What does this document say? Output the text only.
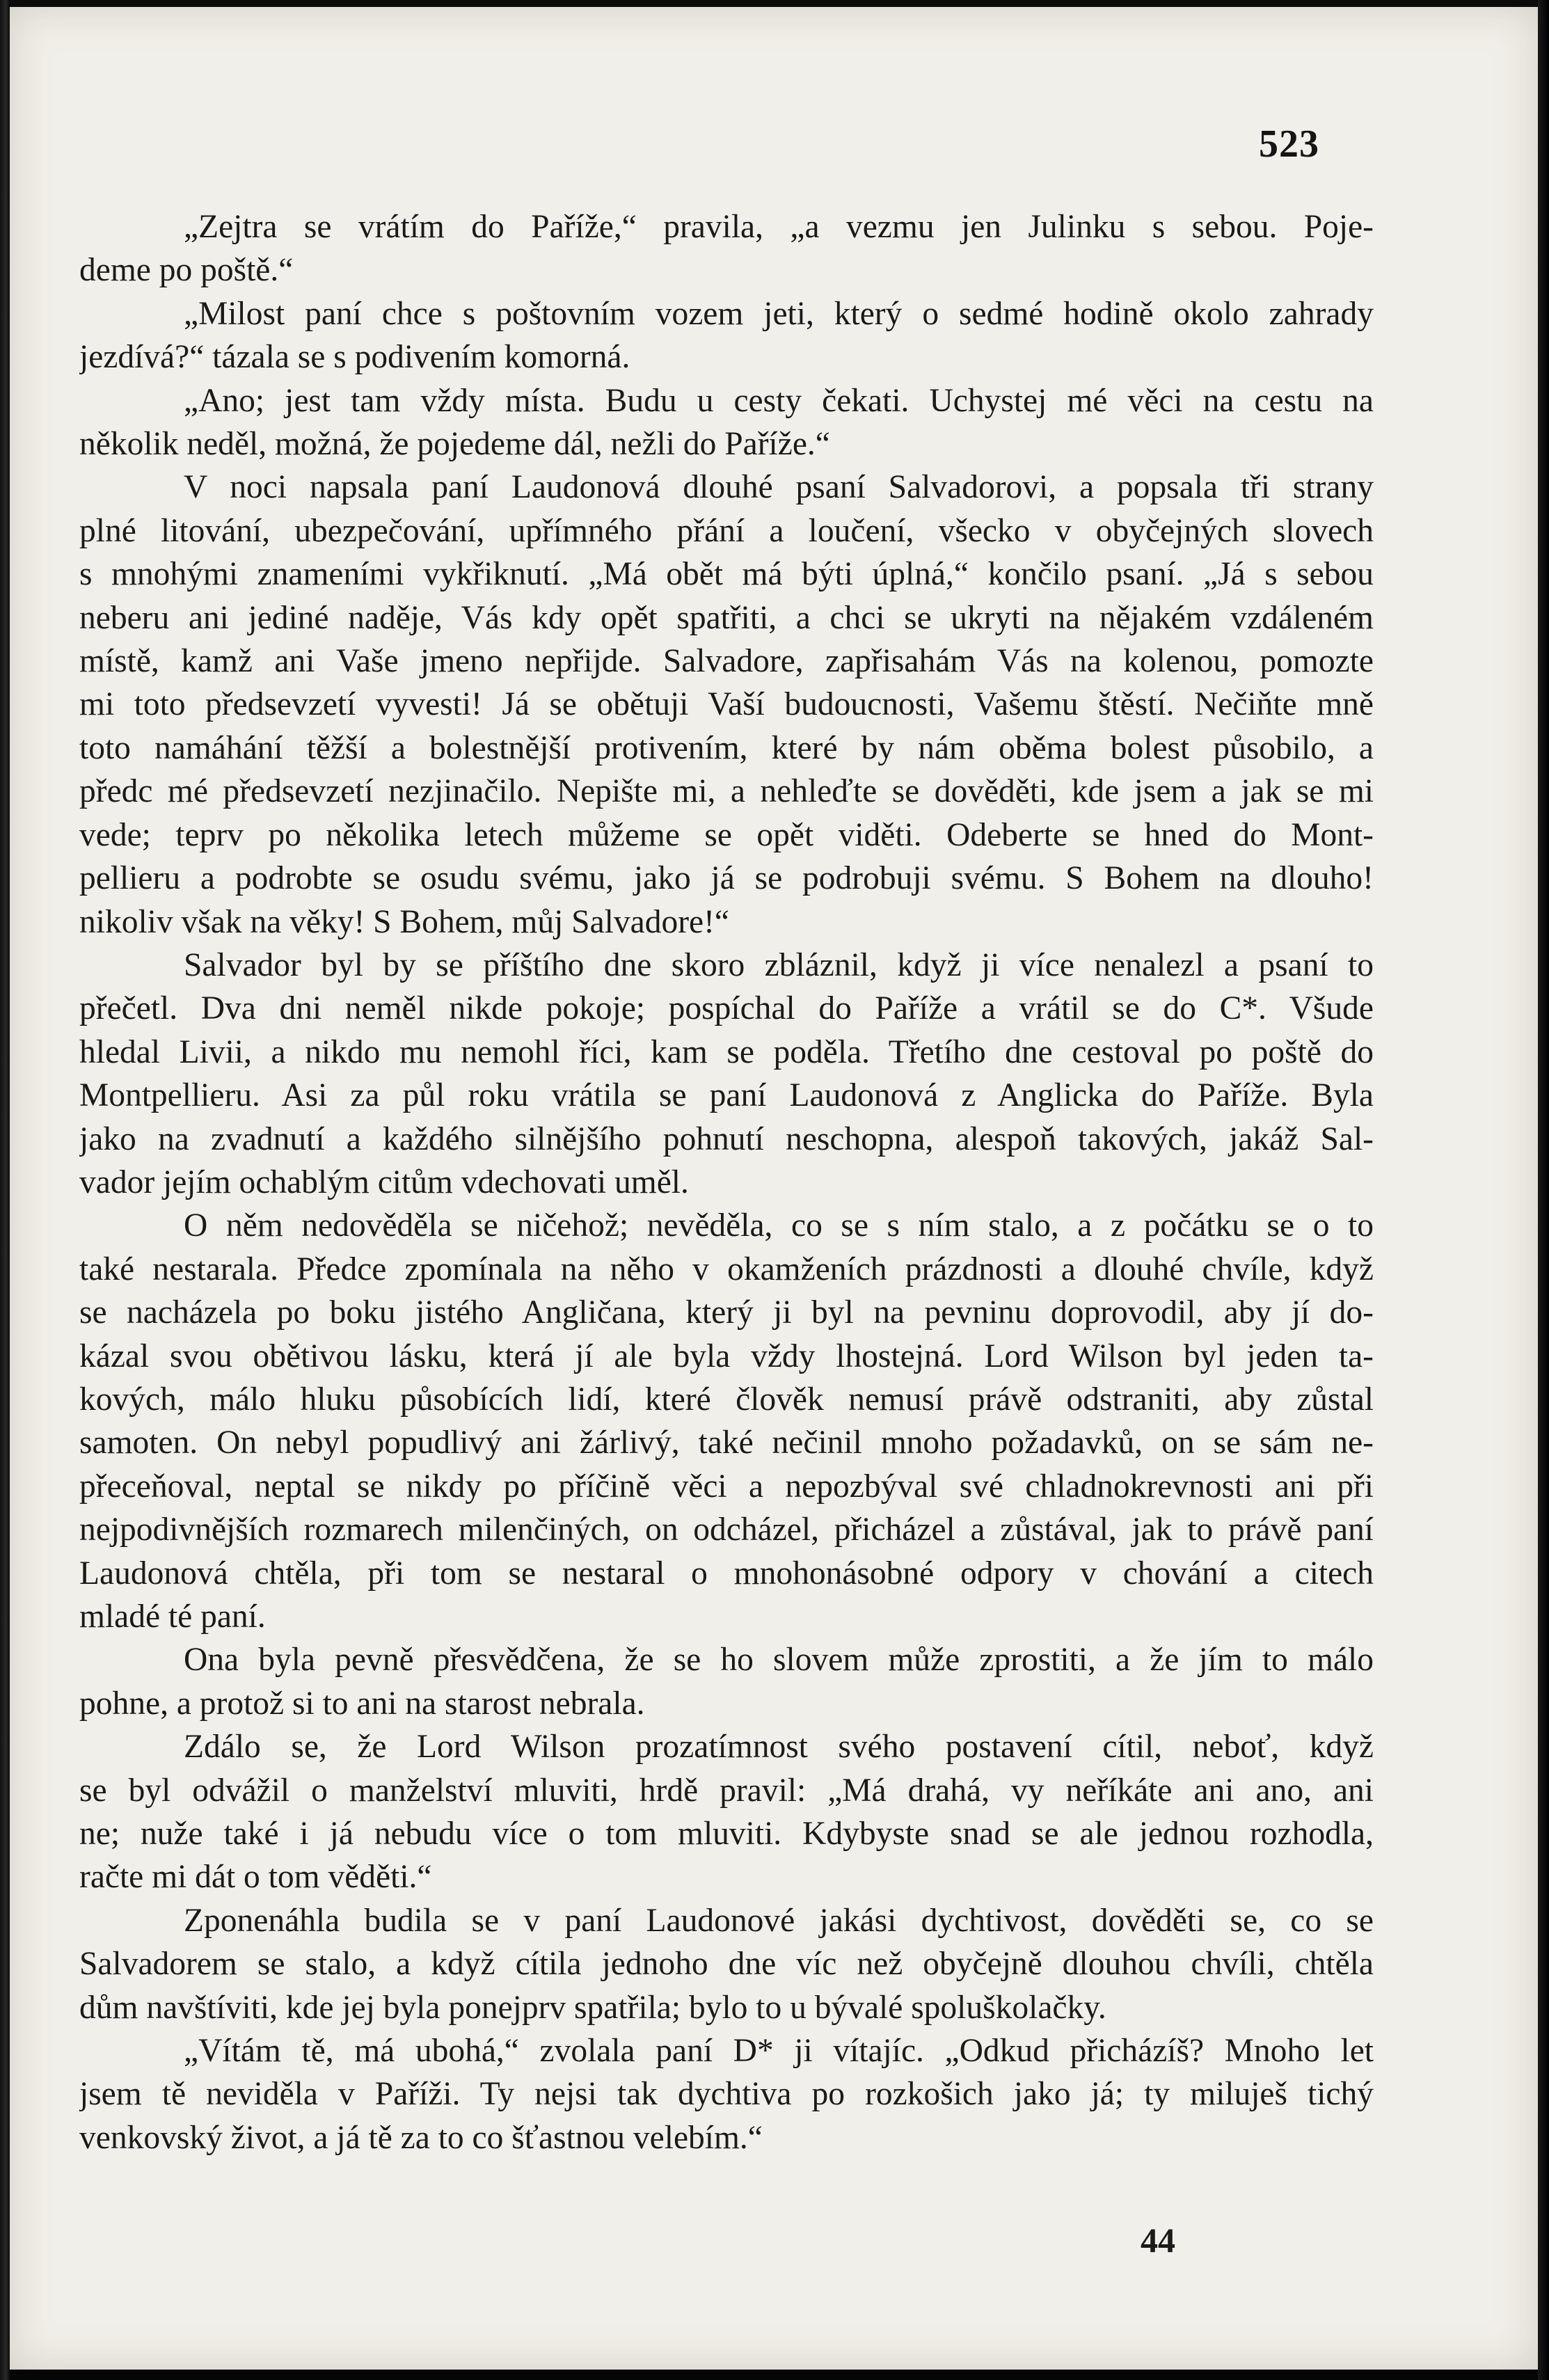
523
„Zejtra se vrátím do Paříže,“ pravila, „a vezmu jen Julinku s sebou. Poje-
deme po poště.“
„Milost paní chce s poštovním vozem jeti, který o sedmé hodině okolo zahrady
jezdívá?“ tázala se s podivením komorná.
„Ano; jest tam vždy místa. Budu u cesty čekati. Uchystej mé věci na cestu na
několik neděl, možná, že pojedeme dál, nežli do Paříže.“
V noci napsala paní Laudonová dlouhé psaní Salvadorovi, a popsala tři strany
plné litování, ubezpečování, upřímného přání a loučení, všecko v obyčejných slovech
s mnohými znameními vykřiknutí. „Má obět má býti úplná,“ končilo psaní. „Já s sebou
neberu ani jediné naděje, Vás kdy opět spatřiti, a chci se ukryti na nějakém vzdáleném
místě, kamž ani Vaše jmeno nepřijde. Salvadore, zapřisahám Vás na kolenou, pomozte
mi toto předsevzetí vyvesti! Já se obětuji Vaší budoucnosti, Vašemu štěstí. Nečiňte mně
toto namáhání těžší a bolestnější protivením, které by nám oběma bolest působilo, a
předc mé předsevzetí nezjinačilo. Nepište mi, a nehleďte se dověděti, kde jsem a jak se mi
vede; teprv po několika letech můžeme se opět viděti. Odeberte se hned do Mont-
pellieru a podrobte se osudu svému, jako já se podrobuji svému. S Bohem na dlouho!
nikoliv však na věky! S Bohem, můj Salvadore!“
Salvador byl by se příštího dne skoro zbláznil, když ji více nenalezl a psaní to
přečetl. Dva dni neměl nikde pokoje; pospíchal do Paříže a vrátil se do C*. Všude
hledal Livii, a nikdo mu nemohl říci, kam se poděla. Třetího dne cestoval po poště do
Montpellieru. Asi za půl roku vrátila se paní Laudonová z Anglicka do Paříže. Byla
jako na zvadnutí a každého silnějšího pohnutí neschopna, alespoň takových, jakáž Sal-
vador jejím ochablým citům vdechovati uměl.
O něm nedověděla se ničehož; nevěděla, co se s ním stalo, a z počátku se o to
také nestarala. Předce zpomínala na něho v okamženích prázdnosti a dlouhé chvíle, když
se nacházela po boku jistého Angličana, který ji byl na pevninu doprovodil, aby jí do-
kázal svou obětivou lásku, která jí ale byla vždy lhostejná. Lord Wilson byl jeden ta-
kových, málo hluku působících lidí, které člověk nemusí právě odstraniti, aby zůstal
samoten. On nebyl popudlivý ani žárlivý, také nečinil mnoho požadavků, on se sám ne-
přeceňoval, neptal se nikdy po příčině věci a nepozbýval své chladnokrevnosti ani při
nejpodivnějších rozmarech milenčiných, on odcházel, přicházel a zůstával, jak to právě paní
Laudonová chtěla, při tom se nestaral o mnohonásobné odpory v chování a citech
mladé té paní.
Ona byla pevně přesvědčena, že se ho slovem může zprostiti, a že jím to málo
pohne, a protož si to ani na starost nebrala.
Zdálo se, že Lord Wilson prozatímnost svého postavení cítil, neboť, když
se byl odvážil o manželství mluviti, hrdě pravil: „Má drahá, vy neříkáte ani ano, ani
ne; nuže také i já nebudu více o tom mluviti. Kdybyste snad se ale jednou rozhodla,
račte mi dát o tom věděti.“
Zponenáhla budila se v paní Laudonové jakási dychtivost, dověděti se, co se
Salvadorem se stalo, a když cítila jednoho dne víc než obyčejně dlouhou chvíli, chtěla
dům navštíviti, kde jej byla ponejprv spatřila; bylo to u bývalé spoluškolačky.
„Vítám tě, má ubohá,“ zvolala paní D* ji vítajíc. „Odkud přicházíš? Mnoho let
jsem tě neviděla v Paříži. Ty nejsi tak dychtiva po rozkošich jako já; ty miluješ tichý
venkovský život, a já tě za to co šťastnou velebím.“
44
